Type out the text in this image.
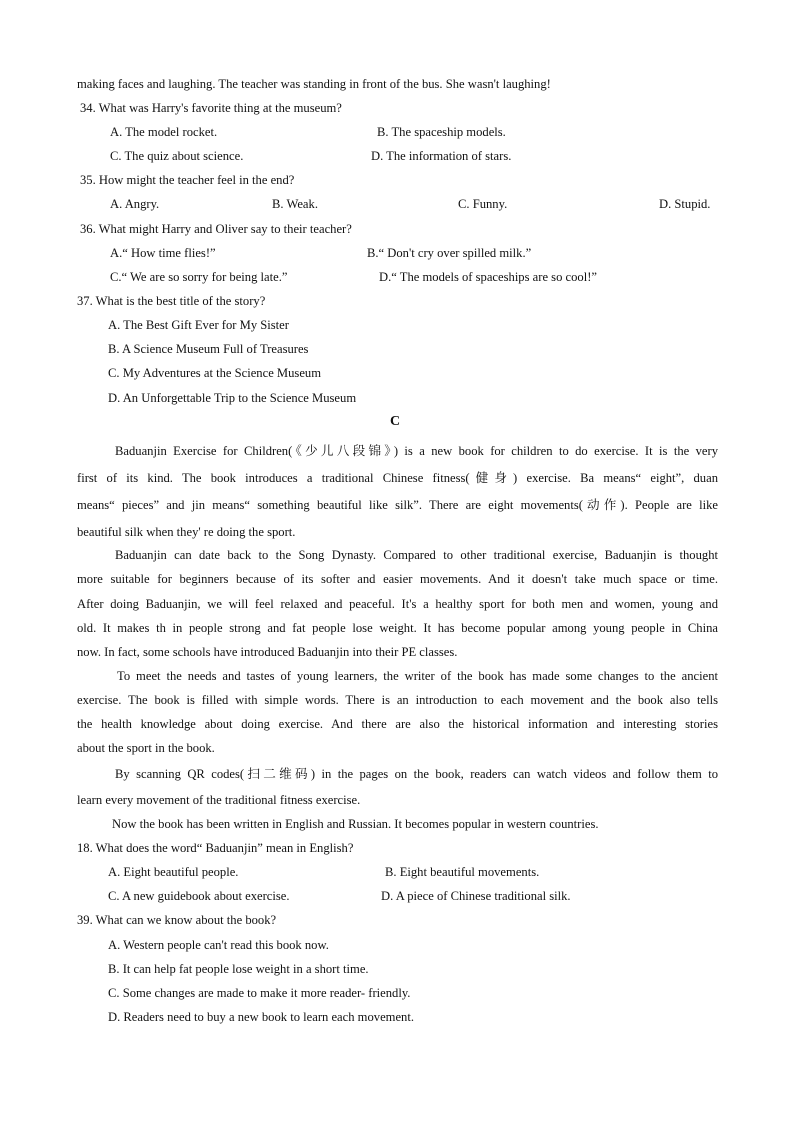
making faces and laughing. The teacher was standing in front of the bus. She wasn't laughing!
34. What was Harry's favorite thing at the museum?
A. The model rocket.	B. The spaceship models.
C. The quiz about science.	D. The information of stars.
35. How might the teacher feel in the end?
A. Angry.	B. Weak.	C. Funny.	D. Stupid.
36. What might Harry and Oliver say to their teacher?
A.“ How time flies!”	B.“ Don't cry over spilled milk.”
C.“ We are so sorry for being late.”	D.“ The models of spaceships are so cool!”
37. What is the best title of the story?
A. The Best Gift Ever for My Sister
B. A Science Museum Full of Treasures
C. My Adventures at the Science Museum
D. An Unforgettable Trip to the Science Museum
C
Baduanjin Exercise for Children(《少儿八段锦》) is a new book for children to do exercise. It is the very
first of its kind. The book introduces a traditional Chinese fitness(健身) exercise. Ba means“ eight”, duan
means“ pieces” and jin means“ something beautiful like silk”. There are eight movements(动作). People are like
beautiful silk when they' re doing the sport.
Baduanjin can date back to the Song Dynasty. Compared to other traditional exercise, Baduanjin is thought
more suitable for beginners because of its softer and easier movements. And it doesn't take much space or time.
After doing Baduanjin, we will feel relaxed and peaceful. It's a healthy sport for both men and women, young and
old. It makes th in people strong and fat people lose weight. It has become popular among young people in China
now. In fact, some schools have introduced Baduanjin into their PE classes.
To meet the needs and tastes of young learners, the writer of the book has made some changes to the ancient
exercise. The book is filled with simple words. There is an introduction to each movement and the book also tells
the health knowledge about doing exercise. And there are also the historical information and interesting stories
about the sport in the book.
By scanning QR codes(扫二维码) in the pages on the book, readers can watch videos and follow them to
learn every movement of the traditional fitness exercise.
Now the book has been written in English and Russian. It becomes popular in western countries.
18. What does the word“ Baduanjin” mean in English?
A. Eight beautiful people.	B. Eight beautiful movements.
C. A new guidebook about exercise.	D. A piece of Chinese traditional silk.
39. What can we know about the book?
A. Western people can't read this book now.
B. It can help fat people lose weight in a short time.
C. Some changes are made to make it more reader- friendly.
D. Readers need to buy a new book to learn each movement.
